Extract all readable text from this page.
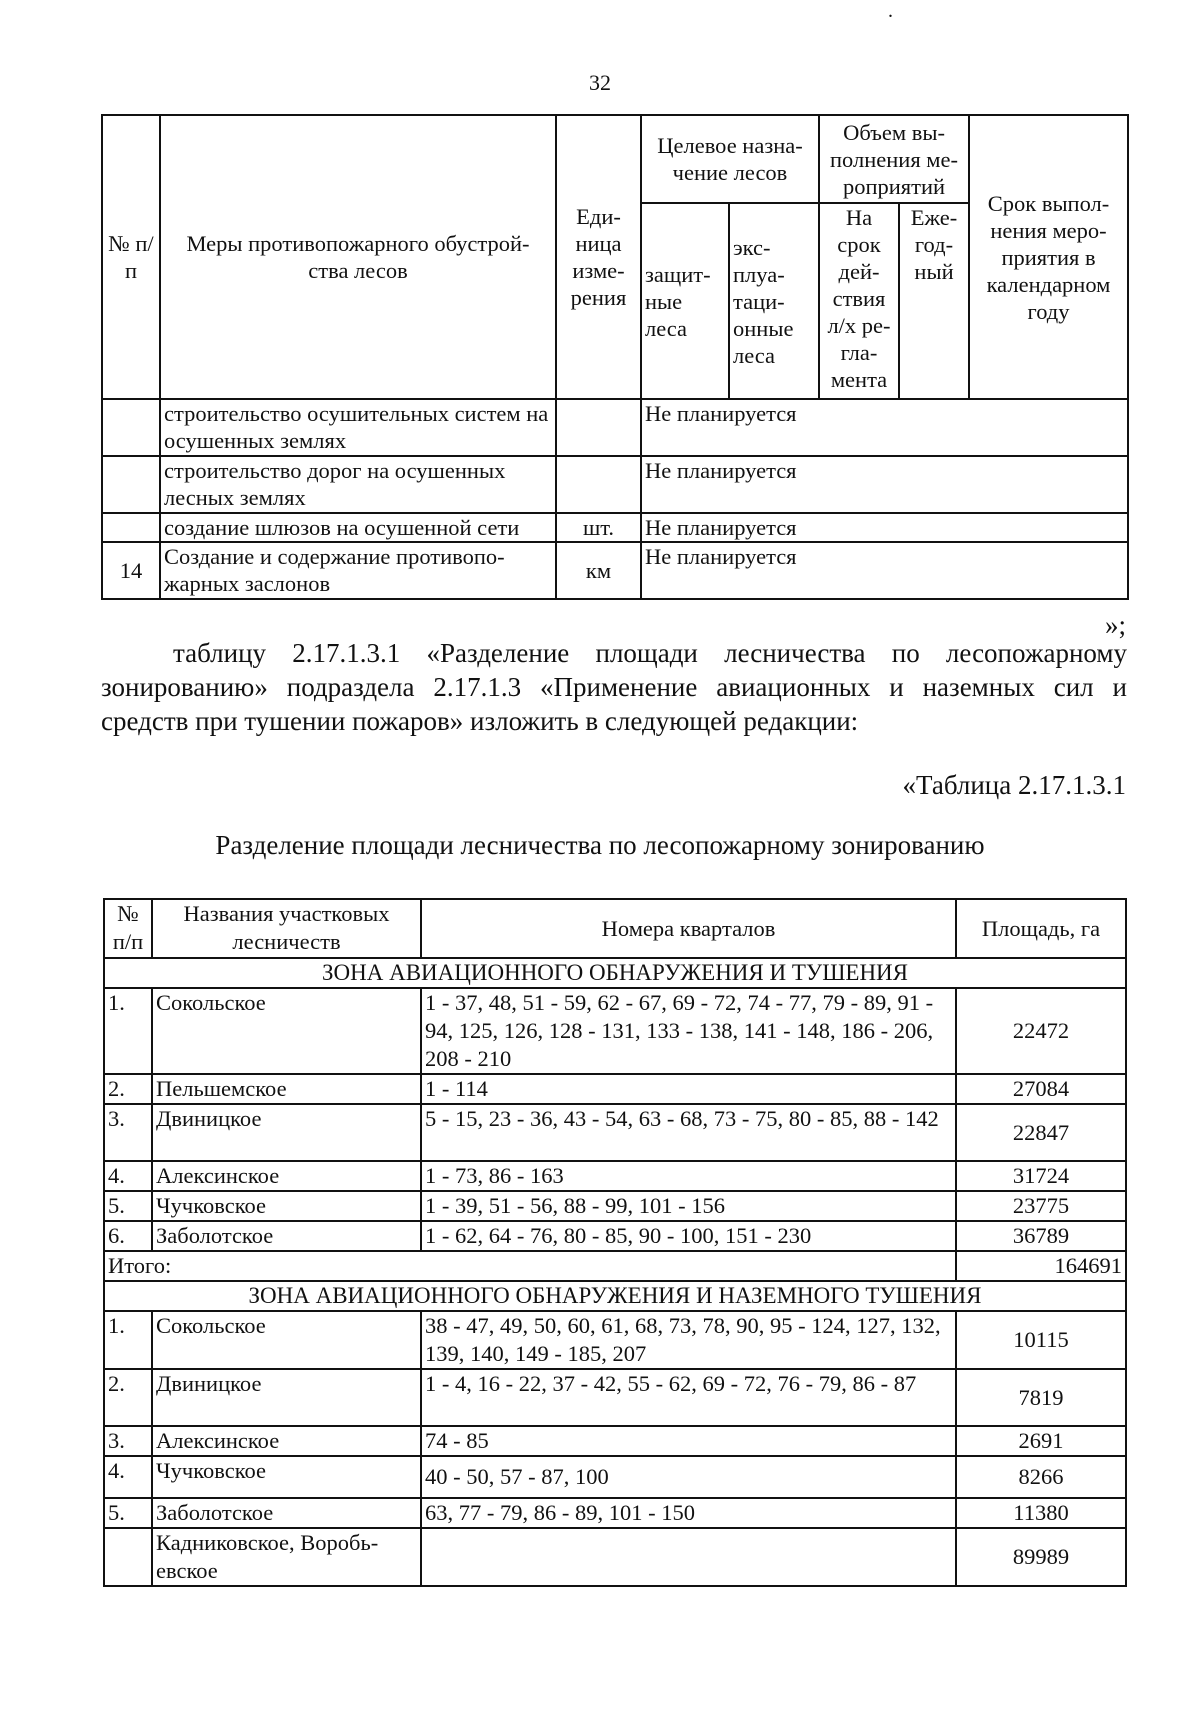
.
32
№ п/п	Меры противопожарного обустрой- ства лесов	Еди- ница изме- рения	Целевое назна- чение лесов		Объем вы- полнения ме- роприятий		Срок выпол- нения меро- приятия в календарном году
			защит- ные леса	экс- плуа- таци- онные леса	На срок дей- ствия л/х ре- гла- мента	Еже- год- ный	
	строительство осушительных систем на осушенных землях		Не планируется				
	строительство дорог на осушенных лесных землях		Не планируется				
	создание шлюзов на осушенной сети	шт.	Не планируется				
14	Создание и содержание противопо- жарных заслонов	км	Не планируется				
»;
таблицу 2.17.1.3.1 «Разделение площади лесничества по лесопожарному
зонированию» подраздела 2.17.1.3 «Применение авиационных и наземных сил и
средств при тушении пожаров» изложить в следующей редакции:
«Таблица 2.17.1.3.1
Разделение площади лесничества по лесопожарному зонированию
№ п/п	Названия участковых лесничеств	Номера кварталов	Площадь, га
ЗОНА АВИАЦИОННОГО ОБНАРУЖЕНИЯ И ТУШЕНИЯ			
1.	Сокольское	1 - 37, 48, 51 - 59, 62 - 67, 69 - 72, 74 - 77, 79 - 89, 91 - 94, 125, 126, 128 - 131, 133 - 138, 141 - 148, 186 - 206, 208 - 210	22472
2.	Пельшемское	1 - 114	27084
3.	Двиницкое	5 - 15, 23 - 36, 43 - 54, 63 - 68, 73 - 75, 80 - 85, 88 - 142	22847
4.	Алексинское	1 - 73, 86 - 163	31724
5.	Чучковское	1 - 39, 51 - 56, 88 - 99, 101 - 156	23775
6.	Заболотское	1 - 62, 64 - 76, 80 - 85, 90 - 100, 151 - 230	36789
Итого:			164691
ЗОНА АВИАЦИОННОГО ОБНАРУЖЕНИЯ И НАЗЕМНОГО ТУШЕНИЯ			
1.	Сокольское	38 - 47, 49, 50, 60, 61, 68, 73, 78, 90, 95 - 124, 127, 132, 139, 140, 149 - 185, 207	10115
2.	Двиницкое	1 - 4, 16 - 22, 37 - 42, 55 - 62, 69 - 72, 76 - 79, 86 - 87	7819
3.	Алексинское	74 - 85	2691
4.	Чучковское	40 - 50, 57 - 87, 100	8266
5.	Заболотское	63, 77 - 79, 86 - 89, 101 - 150	11380
	Кадниковское, Воробь- евское		89989
